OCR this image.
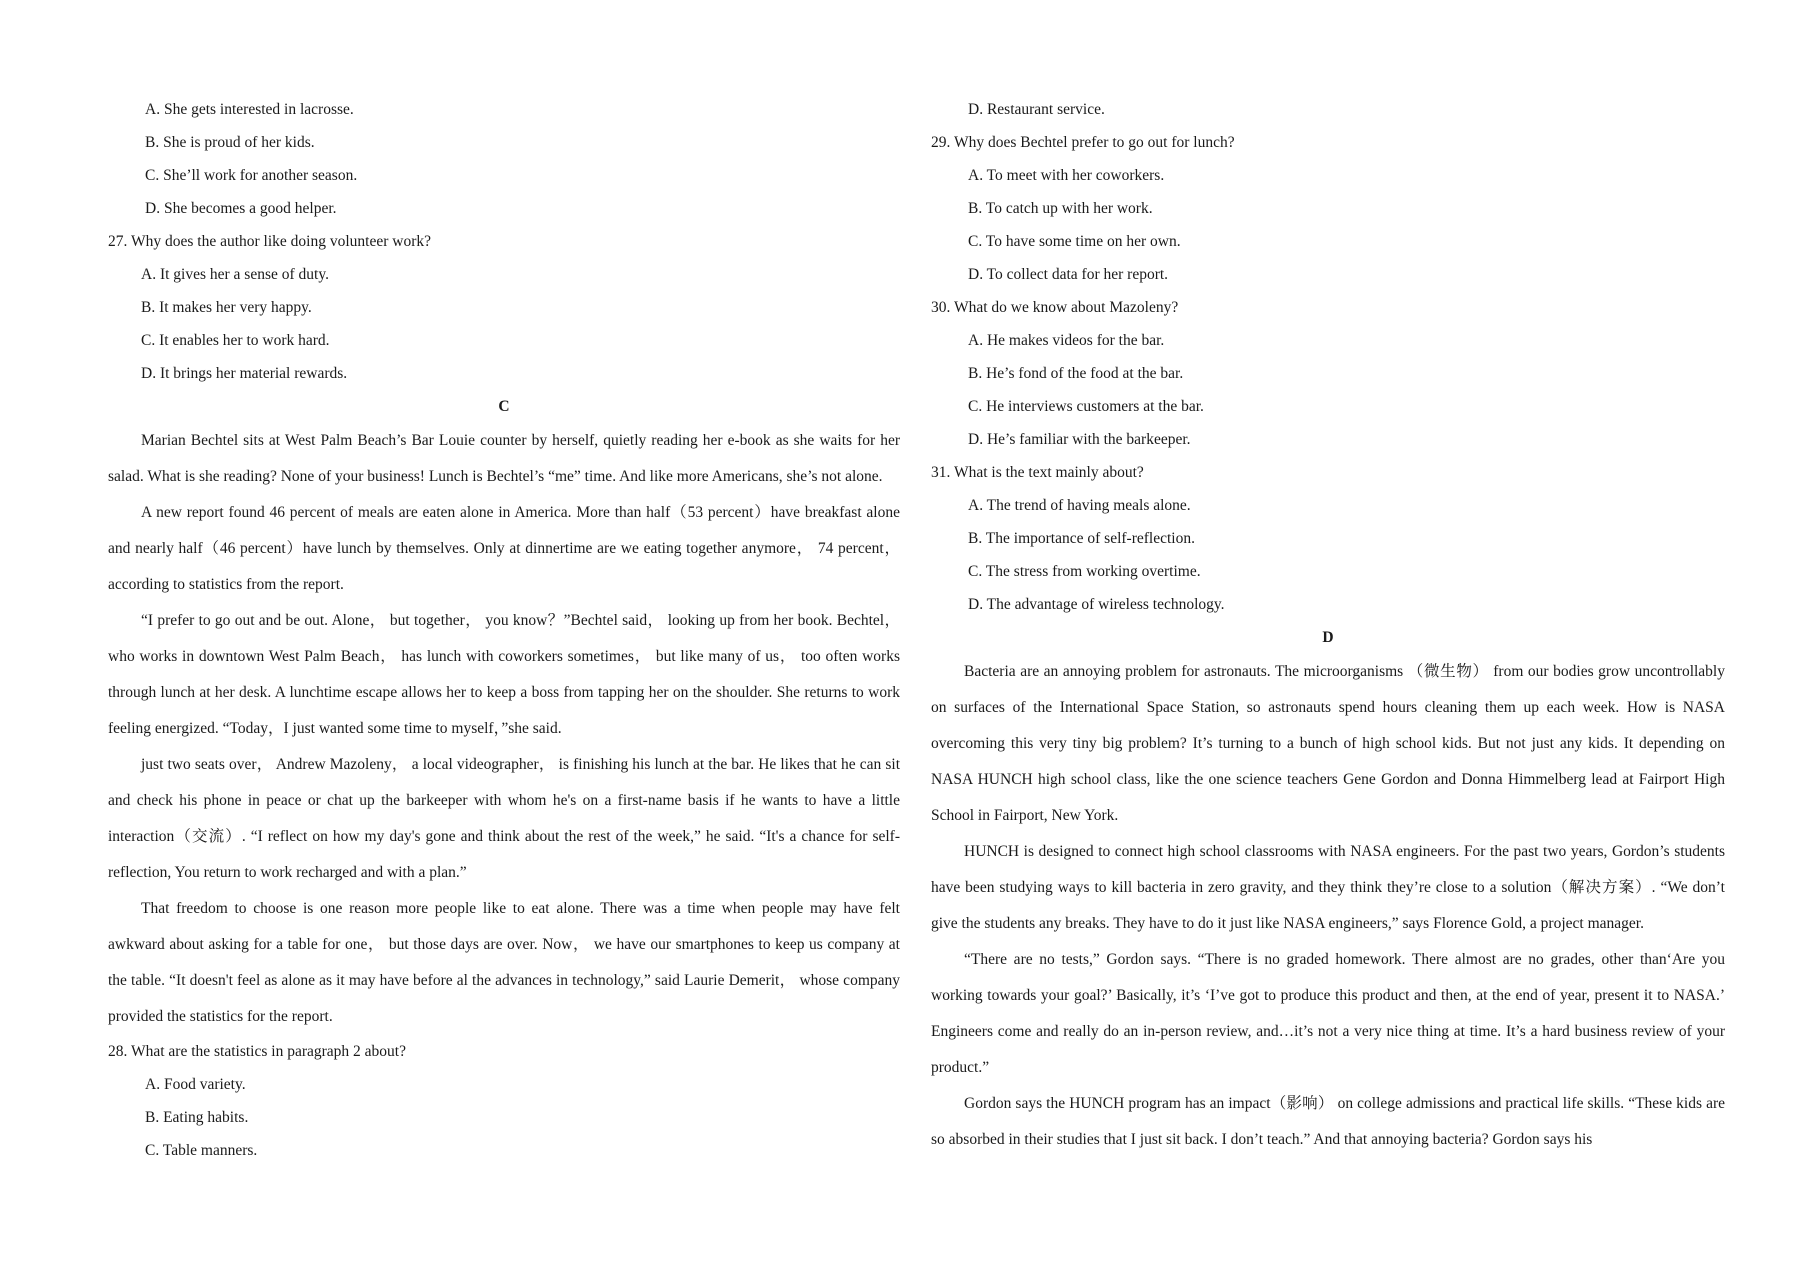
A. She gets interested in lacrosse.
B. She is proud of her kids.
C. She’ll work for another season.
D. She becomes a good helper.
27. Why does the author like doing volunteer work?
A. It gives her a sense of duty.
B. It makes her very happy.
C. It enables her to work hard.
D. It brings her material rewards.
C

Marian Bechtel sits at West Palm Beach’s Bar Louie counter by herself, quietly reading her e-book as she waits for her salad. What is she reading? None of your business! Lunch is Bechtel’s “me” time. And like more Americans, she’s not alone.

A new report found 46 percent of meals are eaten alone in America. More than half（53 percent）have breakfast alone and nearly half（46 percent）have lunch by themselves. Only at dinnertime are we eating together anymore， 74 percent， according to statistics from the report.

“I prefer to go out and be out. Alone， but together， you know？”Bechtel said， looking up from her book. Bechtel， who works in downtown West Palm Beach， has lunch with coworkers sometimes， but like many of us， too often works through lunch at her desk. A lunchtime escape allows her to keep a boss from tapping her on the shoulder. She returns to work feeling energized. “Today，I just wanted some time to myself，”she said.

just two seats over， Andrew Mazoleny， a local videographer， is finishing his lunch at the bar. He likes that he can sit and check his phone in peace or chat up the barkeeper with whom he's on a first-name basis if he wants to have a little interaction（交流）. “I reflect on how my day's gone and think about the rest of the week,” he said. “It's a chance for self-reflection, You return to work recharged and with a plan.”

That freedom to choose is one reason more people like to eat alone. There was a time when people may have felt awkward about asking for a table for one， but those days are over. Now， we have our smartphones to keep us company at the table. “It doesn't feel as alone as it may have before al the advances in technology,” said Laurie Demerit， whose company provided the statistics for the report.

28. What are the statistics in paragraph 2 about?
A. Food variety.
B. Eating habits.
C. Table manners.
D. Restaurant service.
29. Why does Bechtel prefer to go out for lunch?
A. To meet with her coworkers.
B. To catch up with her work.
C. To have some time on her own.
D. To collect data for her report.
30. What do we know about Mazoleny?
A. He makes videos for the bar.
B. He’s fond of the food at the bar.
C. He interviews customers at the bar.
D. He’s familiar with the barkeeper.
31. What is the text mainly about?
A. The trend of having meals alone.
B. The importance of self-reflection.
C. The stress from working overtime.
D. The advantage of wireless technology.
D

Bacteria are an annoying problem for astronauts. The microorganisms （微生物） from our bodies grow uncontrollably on surfaces of the International Space Station, so astronauts spend hours cleaning them up each week. How is NASA overcoming this very tiny big problem? It’s turning to a bunch of high school kids. But not just any kids. It depending on NASA HUNCH high school class, like the one science teachers Gene Gordon and Donna Himmelberg lead at Fairport High School in Fairport, New York.

HUNCH is designed to connect high school classrooms with NASA engineers. For the past two years, Gordon’s students have been studying ways to kill bacteria in zero gravity, and they think they’re close to a solution（解决方案）. “We don’t give the students any breaks. They have to do it just like NASA engineers,” says Florence Gold, a project manager.

“There are no tests,” Gordon says. “There is no graded homework. There almost are no grades, other than‘Are you working towards your goal?’ Basically, it’s ‘I’ve got to produce this product and then, at the end of year, present it to NASA.’ Engineers come and really do an in-person review, and…it’s not a very nice thing at time. It’s a hard business review of your product.”

Gordon says the HUNCH program has an impact（影响） on college admissions and practical life skills. “These kids are so absorbed in their studies that I just sit back. I don’t teach.” And that annoying bacteria? Gordon says his
